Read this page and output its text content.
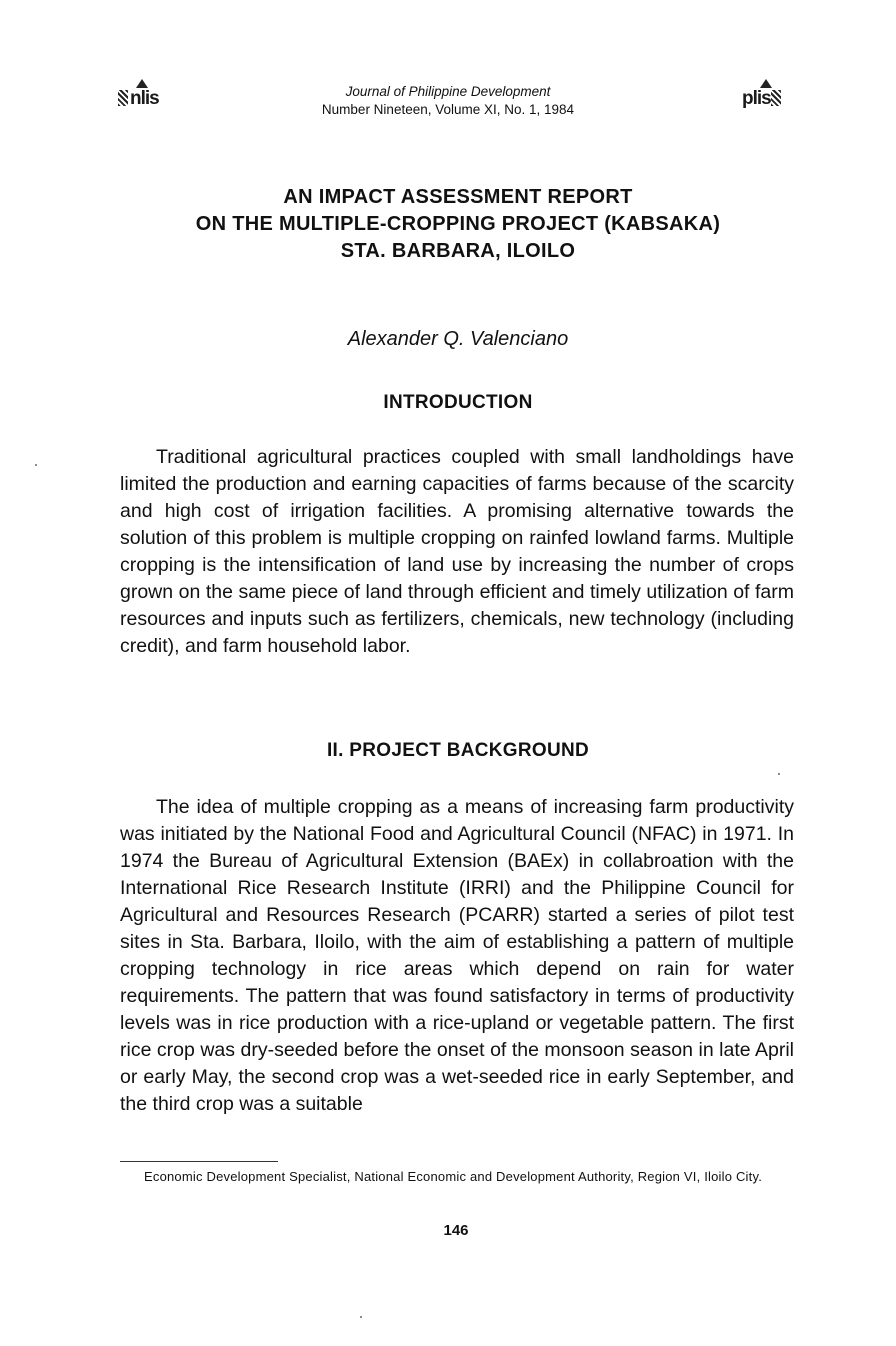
nlis	Journal of Philippine Development
Number Nineteen, Volume XI, No. 1, 1984
plis
AN IMPACT ASSESSMENT REPORT
ON THE MULTIPLE-CROPPING PROJECT (KABSAKA)
STA. BARBARA, ILOILO
Alexander Q. Valenciano
INTRODUCTION

Traditional agricultural practices coupled with small landholdings have limited the production and earning capacities of farms because of the scarcity and high cost of irrigation facilities. A promising alternative towards the solution of this problem is multiple cropping on rainfed lowland farms. Multiple cropping is the intensification of land use by increasing the number of crops grown on the same piece of land through efficient and timely utilization of farm resources and inputs such as fertilizers, chemicals, new technology (including credit), and farm household labor.

II. PROJECT BACKGROUND

The idea of multiple cropping as a means of increasing farm productivity was initiated by the National Food and Agricultural Council (NFAC) in 1971. In 1974 the Bureau of Agricultural Extension (BAEx) in collabroation with the International Rice Research Institute (IRRI) and the Philippine Council for Agricultural and Resources Research (PCARR) started a series of pilot test sites in Sta. Barbara, Iloilo, with the aim of establishing a pattern of multiple cropping technology in rice areas which depend on rain for water requirements. The pattern that was found satisfactory in terms of productivity levels was in rice production with a rice-upland or vegetable pattern. The first rice crop was dry-seeded before the onset of the monsoon season in late April or early May, the second crop was a wet-seeded rice in early September, and the third crop was a suitable

Economic Development Specialist, National Economic and Development Authority, Region VI, Iloilo City.

146
